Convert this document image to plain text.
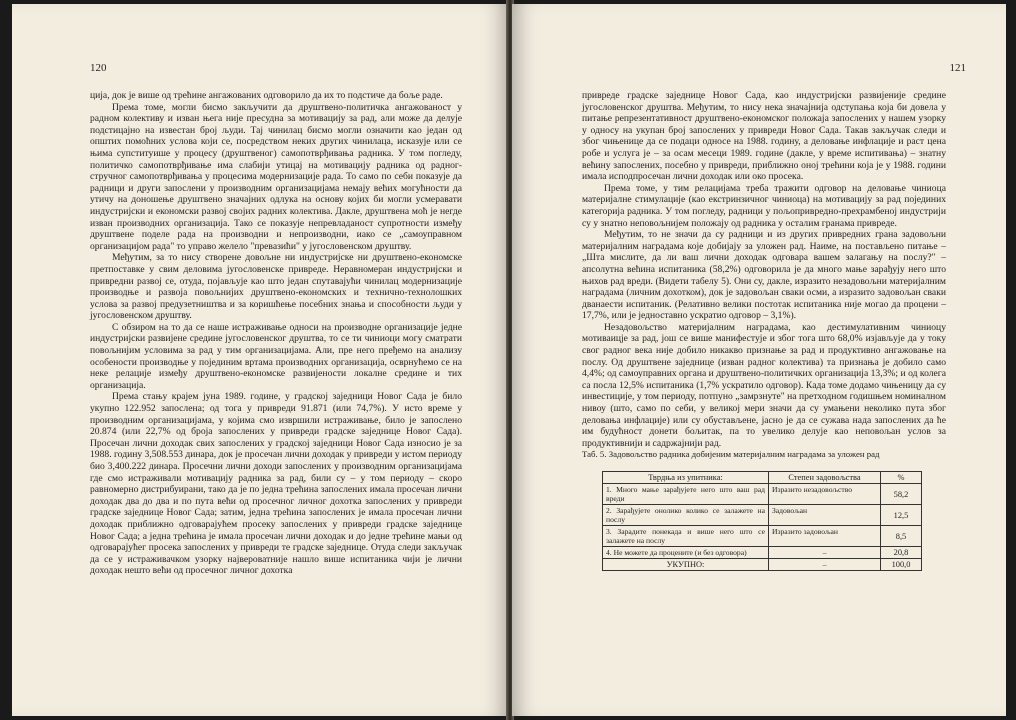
120

ција, док је више од трећине ангажованих одговорило да их то подстиче да боље раде.

Према томе, могли бисмо закључити да друштвено-политичка ангажованост у радном колективу и изван њега није пресудна за мотивацију за рад, али може да делује подстицајно на известан број људи. Тај чинилац бисмо могли означити као један од општих помоћних услова који се, посредством неких других чинилаца, исказује или се њима супституише у процесу (друштвеног) самопотврђивања радника. У том погледу, политичко самопотврђивање има слабији утицај на мотивацију радника од радног-стручног самопотврђивања у процесима модернизације рада. То само по себи показује да радници и други запослени у производним организацијама немају већих могућности да утичу на доношење друштвено значајних одлука на основу којих би могли усмеравати индустријски и економски развој својих радних колектива. Дакле, друштвена моћ је негде изван производних организација. Тако се показује непревладаност супротности између друштвене поделе рада на производни и непроизводни, иако се „самоуправном организацијом рада" то управо желело "превазићи" у југословенском друштву.

Међутим, за то нису створене довољне ни индустријске ни друштвено-економске претпоставке у свим деловима југословенске привреде. Неравномеран индустријски и привредни развој се, отуда, појављује као што један спутавајући чинилац модернизације производње и развоја повољнијих друштвено-економских и технично-технолошких услова за развој предузетништва и за коришћење посебних знања и способности људи у југословенском друштву.

С обзиром на то да се наше истраживање односи на производне организације једне индустријски развијене средине југословенског друштва, то се ти чиниоци могу сматрати повољнијим условима за рад у тим организацијама. Али, пре него пређемо на анализу особености производње у појединим вртама производних организација, осврнућемо се на неке релације између друштвено-економске развијености локалне средине и тих организација.

Према стању крајем јуна 1989. године, у градској заједници Новог Сада је било укупно 122.952 запослена; од тога у привреди 91.871 (или 74,7%). У исто време у производним организацијама, у којима смо извршили истраживање, било је запослено 20.874 (или 22,7% од броја запослених у привреди градске заједнице Новог Сада). Просечан лични доходак свих запослених у градској заједници Новог Сада износио је за 1988. годину 3,508.553 динара, док је просечан лични доходак у привреди у истом периоду био 3,400.222 динара. Просечни лични доходи запослених у производним организацијама где смо истраживали мотивацију радника за рад, били су – у том периоду – скоро равномерно дистрибуирани, тако да је по једна трећина запослених имала просечан лични доходак два до два и по пута већи од просечног личног дохотка запослених у привреди градске заједнице Новог Сада; затим, једна трећина запослених је имала просечан лични доходак приближно одговарајућем просеку запослених у привреди градске заједнице Новог Сада; а једна трећина је имала просечан лични доходак и до једне трећине мањи од одговарајућег просека запослених у привреди те градске заједнице. Отуда следи закључак да се у истраживачком узорку највероватније нашло више испитаника чији је лични доходак нешто већи од просечног личног дохотка

121

привреде градске заједнице Новог Сада, као индустријски развијеније средине југословенског друштва. Међутим, то нису нека значајнија одступања која би довела у питање репрезентативност друштвено-економског положаја запослених у нашем узорку у односу на укупан број запослених у привреди Новог Сада. Такав закључак следи и због чињенице да се подаци односе на 1988. годину, а деловање инфлације и раст цена робе и услуга је – за осам месеци 1989. године (дакле, у време испитивања) – знатну већину запослених, посебно у привреди, приближно оној трећини која је у 1988. години имала исподпросечан лични доходак или око просека.

Према томе, у тим релацијама треба тражити одговор на деловање чиниоца материјалне стимулације (као екстринзичног чиниоца) на мотивацију за рад појединих категорија радника. У том погледу, радници у пољопривредно-прехрамбеној индустрији су у знатно неповољнијем положају од радника у осталим гранама привреде.

Међутим, то не значи да су радници и из других привредних грана задовољни материјалним наградама које добијају за уложен рад. Наиме, на постављено питање – „Шта мислите, да ли ваш лични доходак одговара вашем залагању на послу?" – апсолутна већина испитаника (58,2%) одговорила је да много мање зарађују него што њихов рад вреди. (Видети табелу 5). Они су, дакле, изразито незадовољни материјалним наградама (личним дохотком), док је задовољан сваки осми, а изразито задовољан сваки дванаести испитаник. (Релативно велики постотак испитаника није могао да процени – 17,7%, или је једноставно ускратио одговор – 3,1%).

Незадовољство материјалним наградама, као дестимулативним чиниоцу мотиваицје за рад, још се више манифестује и због тога што 68,0% изјављује да у току свог радног века није добило никакво признање за рад и продуктивно ангажовање на послу. Од друштвене заједнице (изван радног колектива) та признања је добило само 4,4%; од самоуправних органа и друштвено-политичких организација 13,3%; и од колега са посла 12,5% испитаника (1,7% ускратило одговор). Када томе додамо чињеницу да су инвестиције, у том периоду, потпуно „замрзнуте" на претходном годишњем номиналном нивоу (што, само по себи, у великој мери значи да су умањени неколико пута због деловања инфлације) или су обустављене, јасно је да се сужава нада запослених да ће им будућност донети бољитак, па то увелико делује као неповољан услов за продуктивнији и садржајнији рад.

Таб. 5. Задовољство радника добијеним материјалним наградама за уложен рад

Тврдња из упитника:	Степен задовољства	%
1. Много мање зарађујете него што ваш рад вреди	Изразито незадовољство	58,2
2. Зарађујете онолико колико се залажете на послу	Задовољан	12,5
3. Зарадите понекада и више него што се залажете на послу	Изразито задовољан	8,5
4. Не можете да процените (и без одговора)	–	20,8
УКУПНО:	–	100,0
